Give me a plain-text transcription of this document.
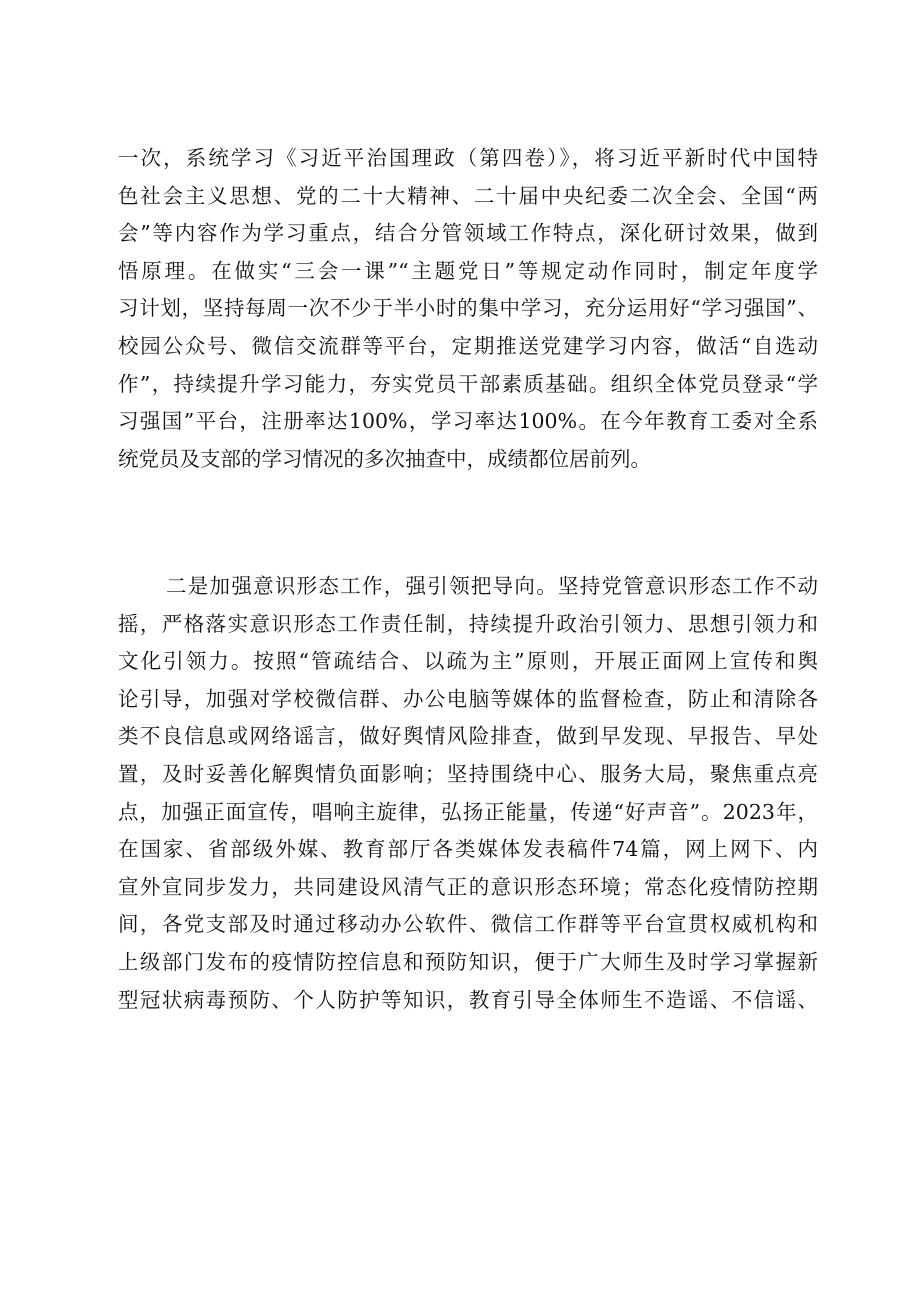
一次，系统学习《习近平治国理政（第四卷）》，将习近平新时代中国特
色社会主义思想、党的二十大精神、二十届中央纪委二次全会、全国“两
会”等内容作为学习重点，结合分管领域工作特点，深化研讨效果，做到
悟原理。在做实“三会一课”“主题党日”等规定动作同时，制定年度学
习计划，坚持每周一次不少于半小时的集中学习，充分运用好“学习强国”、
校园公众号、微信交流群等平台，定期推送党建学习内容，做活“自选动
作”，持续提升学习能力，夯实党员干部素质基础。组织全体党员登录“学
习强国”平台，注册率达100%，学习率达100%。在今年教育工委对全系
统党员及支部的学习情况的多次抽查中，成绩都位居前列。
二是加强意识形态工作，强引领把导向。坚持党管意识形态工作不动
摇，严格落实意识形态工作责任制，持续提升政治引领力、思想引领力和
文化引领力。按照“管疏结合、以疏为主”原则，开展正面网上宣传和舆
论引导，加强对学校微信群、办公电脑等媒体的监督检查，防止和清除各
类不良信息或网络谣言，做好舆情风险排查，做到早发现、早报告、早处
置，及时妥善化解舆情负面影响；坚持围绕中心、服务大局，聚焦重点亮
点，加强正面宣传，唱响主旋律，弘扬正能量，传递“好声音”。2023年，
在国家、省部级外媒、教育部厅各类媒体发表稿件74篇，网上网下、内
宣外宣同步发力，共同建设风清气正的意识形态环境；常态化疫情防控期
间，各党支部及时通过移动办公软件、微信工作群等平台宣贯权威机构和
上级部门发布的疫情防控信息和预防知识，便于广大师生及时学习掌握新
型冠状病毒预防、个人防护等知识，教育引导全体师生不造谣、不信谣、
